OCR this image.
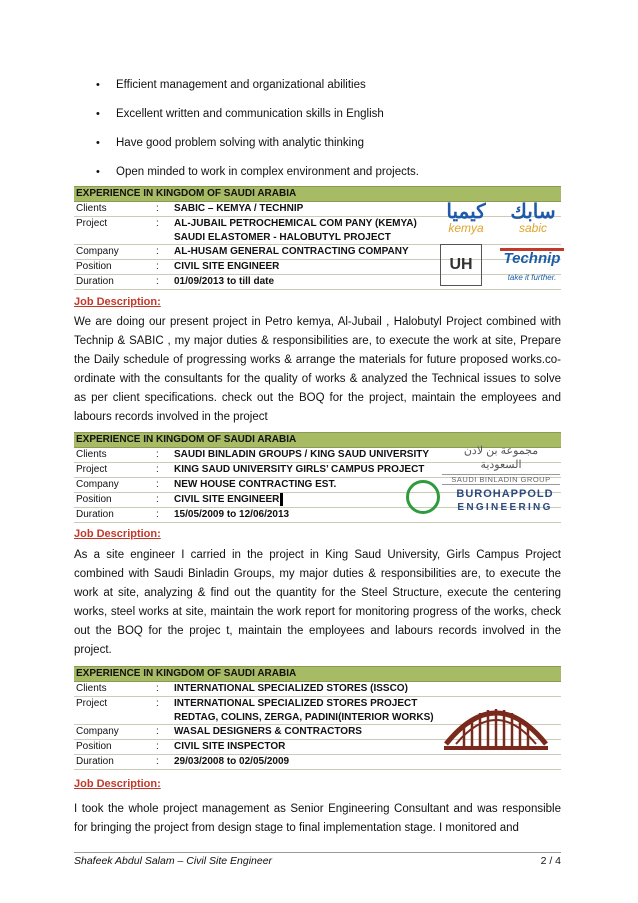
•	Efficient management and organizational abilities
•	Excellent written and communication skills in English
•	Have good problem solving with analytic thinking
•	Open minded to work in complex environment and projects.
EXPERIENCE IN KINGDOM OF SAUDI ARABIA
Clients	:	SABIC – KEMYA / TECHNIP
Project	:	AL-JUBAIL PETROCHEMICAL COM PANY (KEMYA)
SAUDI ELASTOMER - HALOBUTYL PROJECT
Company	:	AL-HUSAM GENERAL CONTRACTING COMPANY
Position	:	CIVIL SITE ENGINEER
Duration	:	01/09/2013 to till date
كيميا
kemya
سابك
sabic
UH	Technip
take it further.
Job Description:
We are doing our present project in Petro kemya, Al-Jubail , Halobutyl Project combined with Technip & SABIC , my major duties & responsibilities are, to execute the work at site, Prepare the Daily schedule of progressing works & arrange the materials for future proposed works.co-ordinate with the consultants for the quality of works & analyzed the Technical issues to solve as per client specifications. check out the BOQ for the project, maintain the employees and labours records involved in the project
EXPERIENCE IN KINGDOM OF SAUDI ARABIA
Clients	:	SAUDI BINLADIN GROUPS / KING SAUD UNIVERSITY
Project	:	KING SAUD UNIVERSITY GIRLS’ CAMPUS PROJECT
Company	:	NEW HOUSE CONTRACTING EST.
Position	:	CIVIL SITE ENGINEER
Duration	:	15/05/2009 to 12/06/2013
مجموعة بن لادن السعودية
SAUDI BINLADIN GROUP
BUROHAPPOLD
ENGINEERING
Job Description:
As a site engineer I carried in the project in King Saud University, Girls Campus Project combined with Saudi Binladin Groups, my major duties & responsibilities are, to execute the work at site, analyzing & find out the quantity for the Steel Structure, execute the centering works, steel works at site, maintain the work report for monitoring progress of the works, check out the BOQ for the projec t, maintain the employees and labours records involved in the project.
EXPERIENCE IN KINGDOM OF SAUDI ARABIA
Clients	:	INTERNATIONAL SPECIALIZED STORES (ISSCO)
Project	:	INTERNATIONAL SPECIALIZED STORES PROJECT
REDTAG, COLINS, ZERGA, PADINI(INTERIOR WORKS)
Company	:	WASAL DESIGNERS & CONTRACTORS
Position	:	CIVIL SITE INSPECTOR
Duration	:	29/03/2008 to 02/05/2009
Job Description:
I took the whole project management as Senior Engineering Consultant and was responsible for bringing the project from design stage to final implementation stage. I monitored and
Shafeek Abdul Salam – Civil Site Engineer	2 / 4
